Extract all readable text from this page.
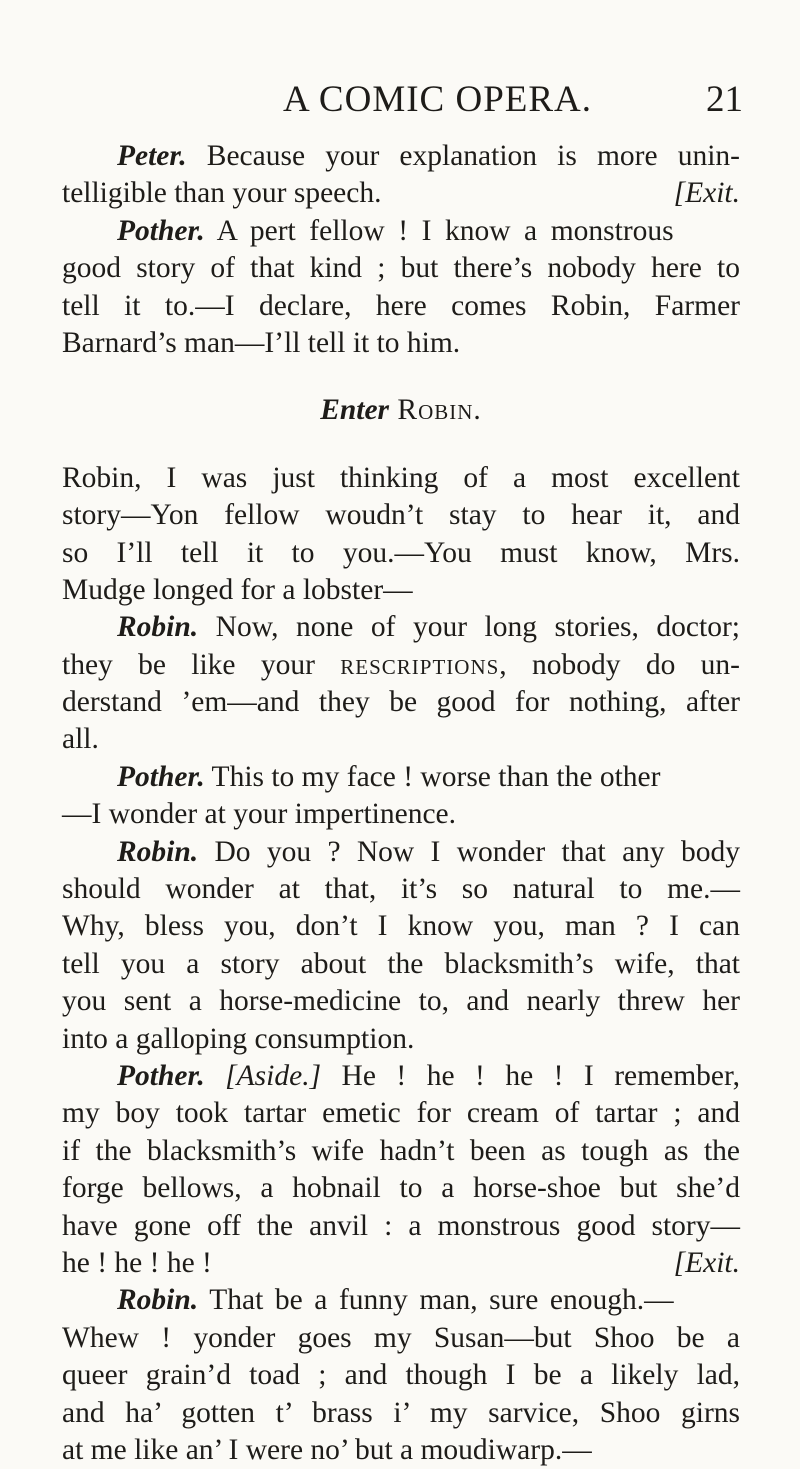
A COMIC OPERA.	21
Peter. Because your explanation is more unin-
telligible than your speech.	[Exit.
Pother. A pert fellow ! I know a monstrous
good story of that kind ; but there’s nobody here to
tell it to.—I declare, here comes Robin, Farmer
Barnard’s man—I’ll tell it to him.
Enter Robin.
Robin, I was just thinking of a most excellent
story—Yon fellow woudn’t stay to hear it, and
so I’ll tell it to you.—You must know, Mrs.
Mudge longed for a lobster—
Robin. Now, none of your long stories, doctor;
they be like your rescriptions, nobody do un-
derstand ’em—and they be good for nothing, after
all.
Pother. This to my face ! worse than the other
—I wonder at your impertinence.
Robin. Do you ? Now I wonder that any body
should wonder at that, it’s so natural to me.—
Why, bless you, don’t I know you, man ? I can
tell you a story about the blacksmith’s wife, that
you sent a horse-medicine to, and nearly threw her
into a galloping consumption.
Pother. [Aside.] He ! he ! he ! I remember,
my boy took tartar emetic for cream of tartar ; and
if the blacksmith’s wife hadn’t been as tough as the
forge bellows, a hobnail to a horse-shoe but she’d
have gone off the anvil : a monstrous good story—
he ! he ! he !	[Exit.
Robin. That be a funny man, sure enough.—
Whew ! yonder goes my Susan—but Shoo be a
queer grain’d toad ; and though I be a likely lad,
and ha’ gotten t’ brass i’ my sarvice, Shoo girns
at me like an’ I were no’ but a moudiwarp.—
